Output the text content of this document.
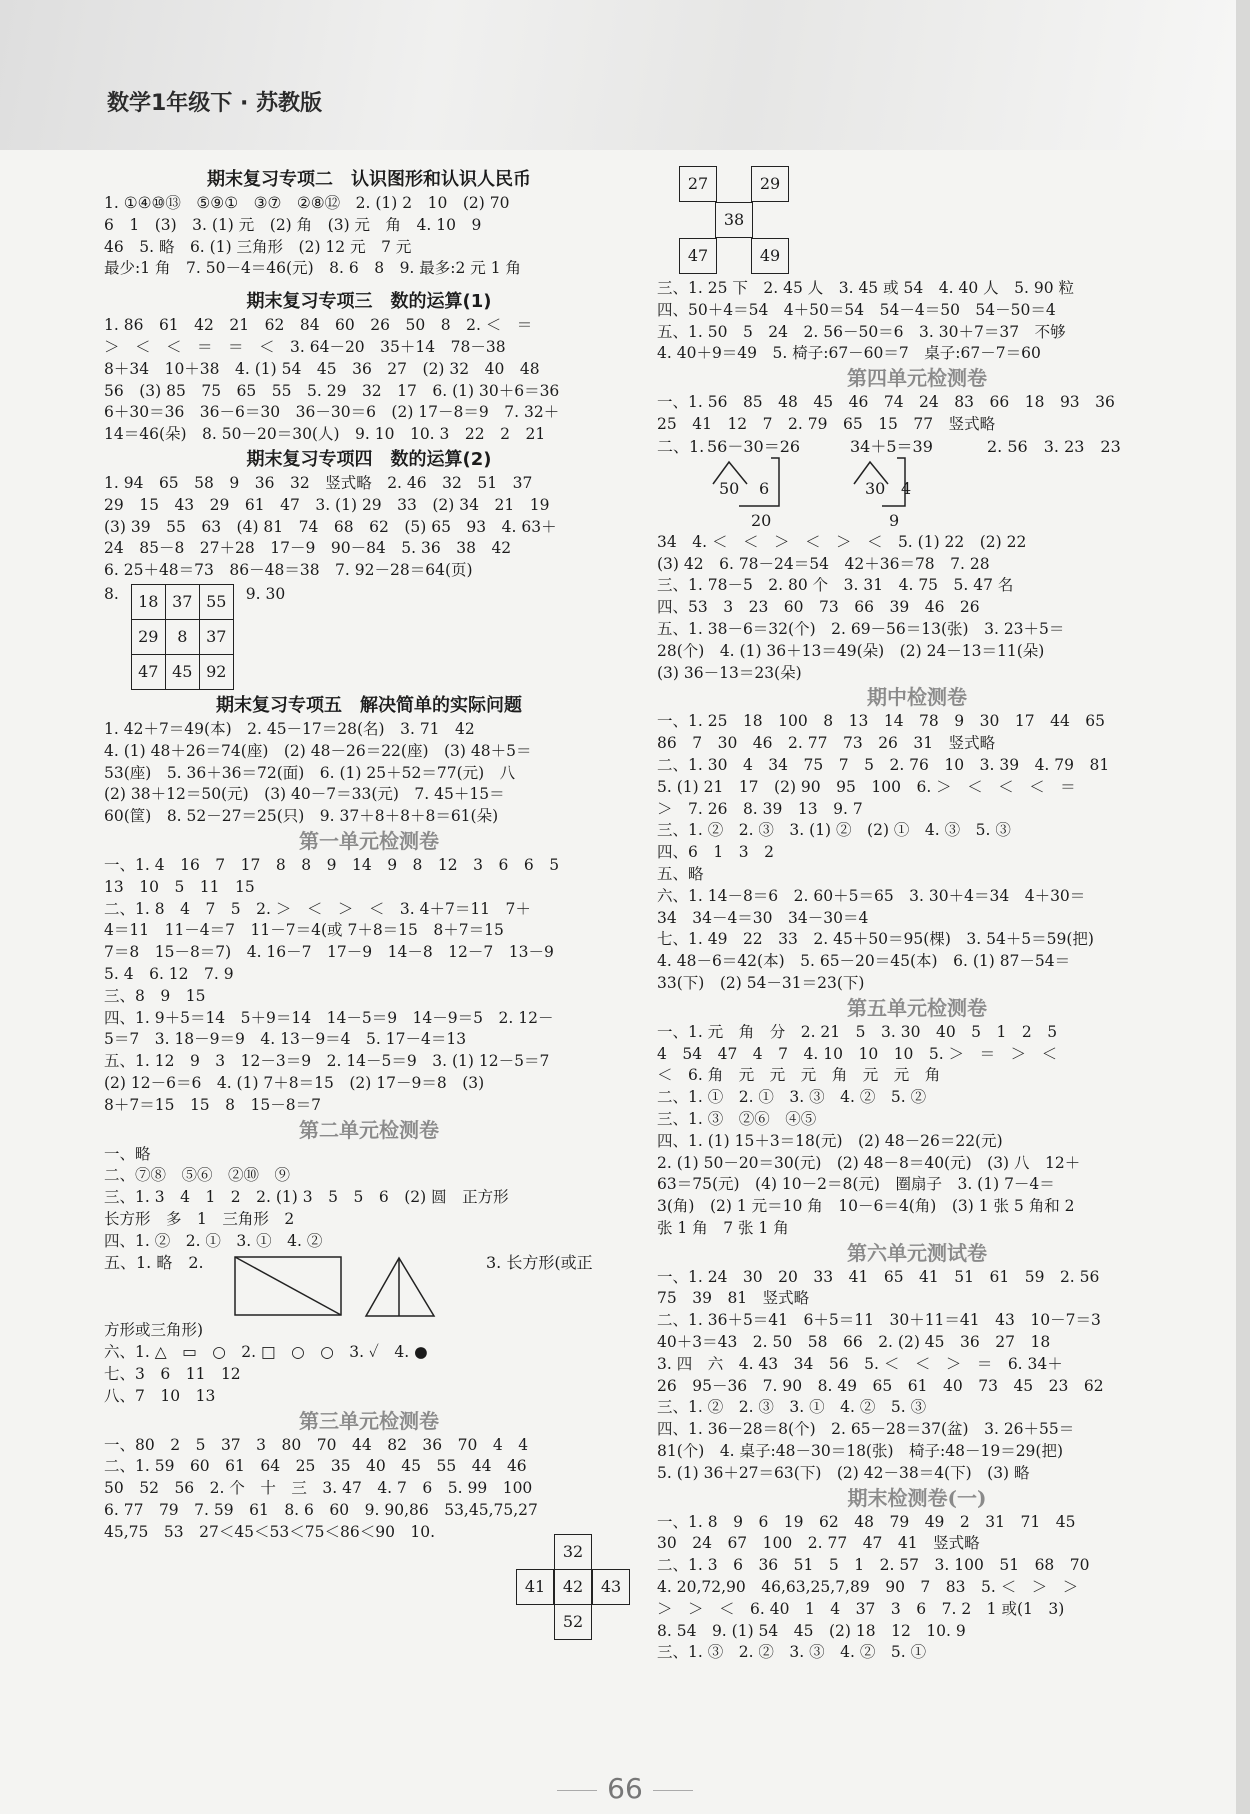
数学1年级下 · 苏教版
期末复习专项二　认识图形和认识人民币
1. ①④⑩⑬　⑤⑨①　③⑦　②⑧⑫　2. (1) 2　10　(2) 70
6　1　(3)　3. (1) 元　(2) 角　(3) 元　角　4. 10　9
46　5. 略　6. (1) 三角形　(2) 12 元　7 元
最少:1 角　7. 50－4＝46(元)　8. 6　8　9. 最多:2 元 1 角
期末复习专项三　数的运算(1)
1. 86　61　42　21　62　84　60　26　50　8　2. ＜　＝
＞　＜　＜　＝　＝　＜　3. 64－20　35＋14　78－38
8＋34　10＋38　4. (1) 54　45　36　27　(2) 32　40　48
56　(3) 85　75　65　55　5. 29　32　17　6. (1) 30＋6＝36
6＋30＝36　36－6＝30　36－30＝6　(2) 17－8＝9　7. 32＋
14＝46(朵)　8. 50－20＝30(人)　9. 10　10. 3　22　2　21
期末复习专项四　数的运算(2)
1. 94　65　58　9　36　32　竖式略　2. 46　32　51　37
29　15　43　29　61　47　3. (1) 29　33　(2) 34　21　19
(3) 39　55　63　(4) 81　74　68　62　(5) 65　93　4. 63＋
24　85－8　27＋28　17－9　90－84　5. 36　38　42
6. 25＋48＝73　86－48＝38　7. 92－28＝64(页)
8. 18	37	55
29	8	37
47	45	92
9. 30
期末复习专项五　解决简单的实际问题
1. 42＋7＝49(本)　2. 45－17＝28(名)　3. 71　42
4. (1) 48＋26＝74(座)　(2) 48－26＝22(座)　(3) 48＋5＝
53(座)　5. 36＋36＝72(面)　6. (1) 25＋52＝77(元)　八
(2) 38＋12＝50(元)　(3) 40－7＝33(元)　7. 45＋15＝
60(筐)　8. 52－27＝25(只)　9. 37＋8＋8＋8＝61(朵)
第一单元检测卷
一、1. 4　16　7　17　8　8　9　14　9　8　12　3　6　6　5
13　10　5　11　15
二、1. 8　4　7　5　2. ＞　＜　＞　＜　3. 4＋7＝11　7＋
4＝11　11－4＝7　11－7＝4(或 7＋8＝15　8＋7＝15
7＝8　15－8＝7)　4. 16－7　17－9　14－8　12－7　13－9
5. 4　6. 12　7. 9
三、8　9　15
四、1. 9＋5＝14　5＋9＝14　14－5＝9　14－9＝5　2. 12－
5＝7　3. 18－9＝9　4. 13－9＝4　5. 17－4＝13
五、1. 12　9　3　12－3＝9　2. 14－5＝9　3. (1) 12－5＝7
(2) 12－6＝6　4. (1) 7＋8＝15　(2) 17－9＝8　(3)
8＋7＝15　15　8　15－8＝7
第二单元检测卷
一、略
二、⑦⑧　⑤⑥　②⑩　⑨
三、1. 3　4　1　2　2. (1) 3　5　5　6　(2) 圆　正方形
长方形　多　1　三角形　2
四、1. ②　2. ①　3. ①　4. ②
五、1. 略　2.	3. 长方形(或正
方形或三角形)
六、1. △　▭　○　2. □　○　○　3. ✓　4. ●
七、3　6　11　12
八、7　10　13
第三单元检测卷
一、80　2　5　37　3　80　70　44　82　36　70　4　4
二、1. 59　60　61　64　25　35　40　45　55　44　46
50　52　56　2. 个　十　三　3. 47　4. 7　6　5. 99　100
6. 77　79　7. 59　61　8. 6　60　9. 90,86　53,45,75,27
45,75　53　27＜45＜53＜75＜86＜90　10.
32
41	42	43
52
27	29
38
47	49
三、1. 25 下　2. 45 人　3. 45 或 54　4. 40 人　5. 90 粒
四、50＋4＝54　4＋50＝54　54－4＝50　54－50＝4
五、1. 50　5　24　2. 56－50＝6　3. 30＋7＝37　不够
4. 40＋9＝49　5. 椅子:67－60＝7　桌子:67－7＝60
第四单元检测卷
一、1. 56　85　48　45　46　74　24　83　66　18　93　36
25　41　12　7　2. 79　65　15　77　竖式略
二、1. 56－30＝26	34＋5＝39	2. 56　3. 23　23
50 6
20
30 4
9
34　4. ＜　＜　＞　＜　＞　＜　5. (1) 22　(2) 22
(3) 42　6. 78－24＝54　42＋36＝78　7. 28
三、1. 78－5　2. 80 个　3. 31　4. 75　5. 47 名
四、53　3　23　60　73　66　39　46　26
五、1. 38－6＝32(个)　2. 69－56＝13(张)　3. 23＋5＝
28(个)　4. (1) 36＋13＝49(朵)　(2) 24－13＝11(朵)
(3) 36－13＝23(朵)
期中检测卷
一、1. 25　18　100　8　13　14　78　9　30　17　44　65
86　7　30　46　2. 77　73　26　31　竖式略
二、1. 30　4　34　75　7　5　2. 76　10　3. 39　4. 79　81
5. (1) 21　17　(2) 90　95　100　6. ＞　＜　＜　＜　＝
＞　7. 26　8. 39　13　9. 7
三、1. ②　2. ③　3. (1) ②　(2) ①　4. ③　5. ③
四、6　1　3　2
五、略
六、1. 14－8＝6　2. 60＋5＝65　3. 30＋4＝34　4＋30＝
34　34－4＝30　34－30＝4
七、1. 49　22　33　2. 45＋50＝95(棵)　3. 54＋5＝59(把)
4. 48－6＝42(本)　5. 65－20＝45(本)　6. (1) 87－54＝
33(下)　(2) 54－31＝23(下)
第五单元检测卷
一、1. 元　角　分　2. 21　5　3. 30　40　5　1　2　5
4　54　47　4　7　4. 10　10　10　5. ＞　＝　＞　＜
＜　6. 角　元　元　元　角　元　元　角
二、1. ①　2. ①　3. ③　4. ②　5. ②
三、1. ③　②⑥　④⑤
四、1. (1) 15＋3＝18(元)　(2) 48－26＝22(元)
2. (1) 50－20＝30(元)　(2) 48－8＝40(元)　(3) 八　12＋
63＝75(元)　(4) 10－2＝8(元)　圈扇子　3. (1) 7－4＝
3(角)　(2) 1 元＝10 角　10－6＝4(角)　(3) 1 张 5 角和 2
张 1 角　7 张 1 角
第六单元测试卷
一、1. 24　30　20　33　41　65　41　51　61　59　2. 56
75　39　81　竖式略
二、1. 36＋5＝41　6＋5＝11　30＋11＝41　43　10－7＝3
40＋3＝43　2. 50　58　66　2. (2) 45　36　27　18
3. 四　六　4. 43　34　56　5. ＜　＜　＞　＝　6. 34＋
26　95－36　7. 90　8. 49　65　61　40　73　45　23　62
三、1. ②　2. ③　3. ①　4. ②　5. ③
四、1. 36－28＝8(个)　2. 65－28＝37(盆)　3. 26＋55＝
81(个)　4. 桌子:48－30＝18(张)　椅子:48－19＝29(把)
5. (1) 36＋27＝63(下)　(2) 42－38＝4(下)　(3) 略
期末检测卷(一)
一、1. 8　9　6　19　62　48　79　49　2　31　71　45
30　24　67　100　2. 77　47　41　竖式略
二、1. 3　6　36　51　5　1　2. 57　3. 100　51　68　70
4. 20,72,90　46,63,25,7,89　90　7　83　5. ＜　＞　＞
＞　＞　＜　6. 40　1　4　37　3　6　7. 2　1 或(1　3)
8. 54　9. (1) 54　45　(2) 18　12　10. 9
三、1. ③　2. ②　3. ③　4. ②　5. ①
66
